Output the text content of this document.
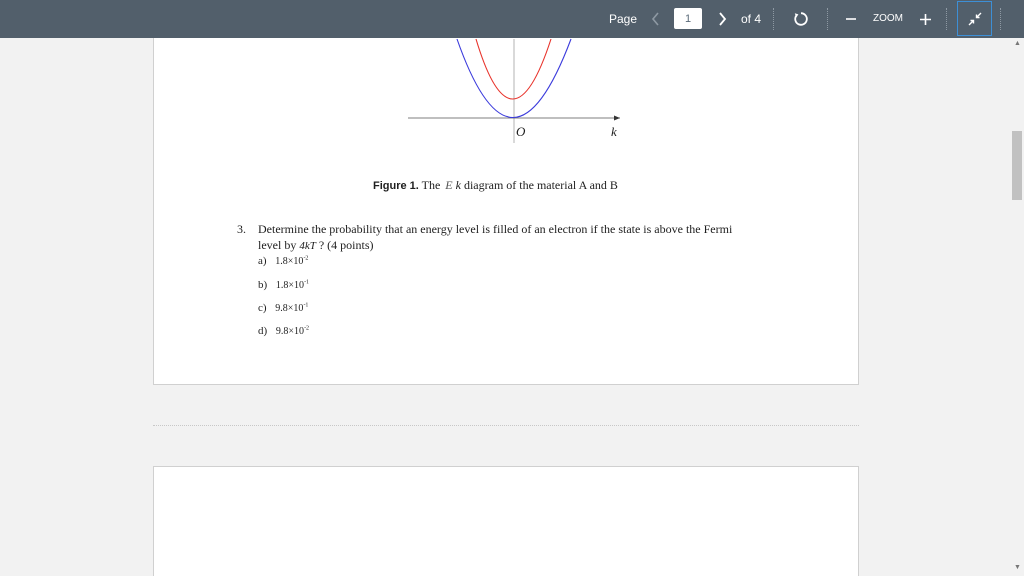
Page
1	of 4	ZOOM
O	k
Figure 1. The E k diagram of the material A and B
3. Determine the probability that an energy level is filled of an electron if the state is above the Fermi
level by 4kT ? (4 points)
a) $1.8\times 10^{-2}$
b) $1.8\times 10^{-1}$
c) $9.8\times 10^{-1}$
d) $9.8\times 10^{-2}$
▲
▼
